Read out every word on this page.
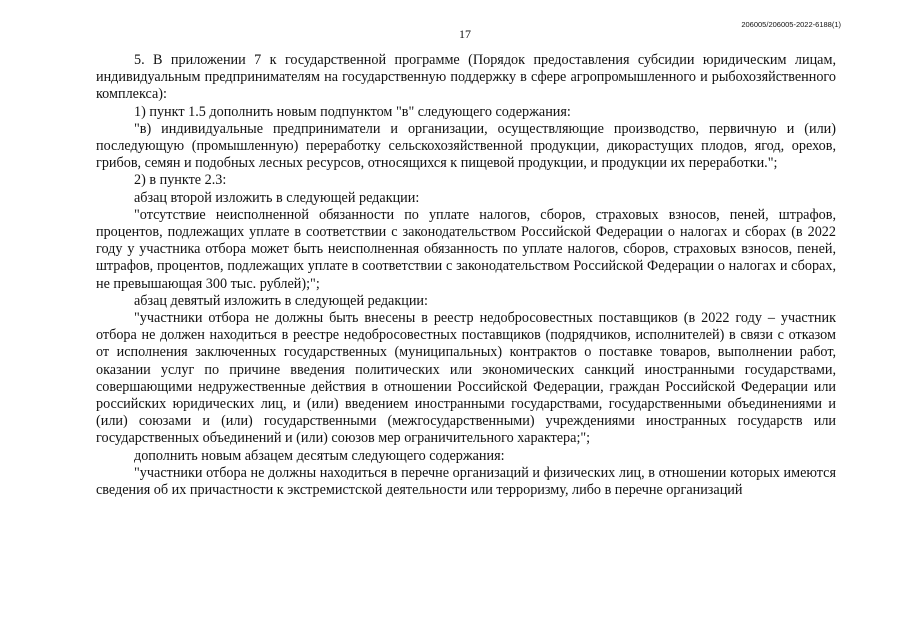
17
206005/206005-2022-6188(1)

5. В приложении 7 к государственной программе (Порядок предоставления субсидии юридическим лицам, индивидуальным предпринимателям на государственную поддержку в сфере агропромышленного и рыбохозяйственного комплекса):

1) пункт 1.5 дополнить новым подпунктом "в" следующего содержания:

"в) индивидуальные предприниматели и организации, осуществляющие производство, первичную и (или) последующую (промышленную) переработку сельскохозяйственной продукции, дикорастущих плодов, ягод, орехов, грибов, семян и подобных лесных ресурсов, относящихся к пищевой продукции, и продукции их переработки.";

2) в пункте 2.3:

абзац второй изложить в следующей редакции:

"отсутствие неисполненной обязанности по уплате налогов, сборов, страховых взносов, пеней, штрафов, процентов, подлежащих уплате в соответствии с законодательством Российской Федерации о налогах и сборах (в 2022 году у участника отбора может быть неисполненная обязанность по уплате налогов, сборов, страховых взносов, пеней, штрафов, процентов, подлежащих уплате в соответствии с законодательством Российской Федерации о налогах и сборах, не превышающая 300 тыс. рублей);";

абзац девятый изложить в следующей редакции:

"участники отбора не должны быть внесены в реестр недобросовестных поставщиков (в 2022 году – участник отбора не должен находиться в реестре недобросовестных поставщиков (подрядчиков, исполнителей) в связи с отказом от исполнения заключенных государственных (муниципальных) контрактов о поставке товаров, выполнении работ, оказании услуг по причине введения политических или экономических санкций иностранными государствами, совершающими недружественные действия в отношении Российской Федерации, граждан Российской Федерации или российских юридических лиц, и (или) введением иностранными государствами, государственными объединениями и (или) союзами и (или) государственными (межгосударственными) учреждениями иностранных государств или государственных объединений и (или) союзов мер ограничительного характера;";

дополнить новым абзацем десятым следующего содержания:

"участники отбора не должны находиться в перечне организаций и физических лиц, в отношении которых имеются сведения об их причастности к экстремистской деятельности или терроризму, либо в перечне организаций
